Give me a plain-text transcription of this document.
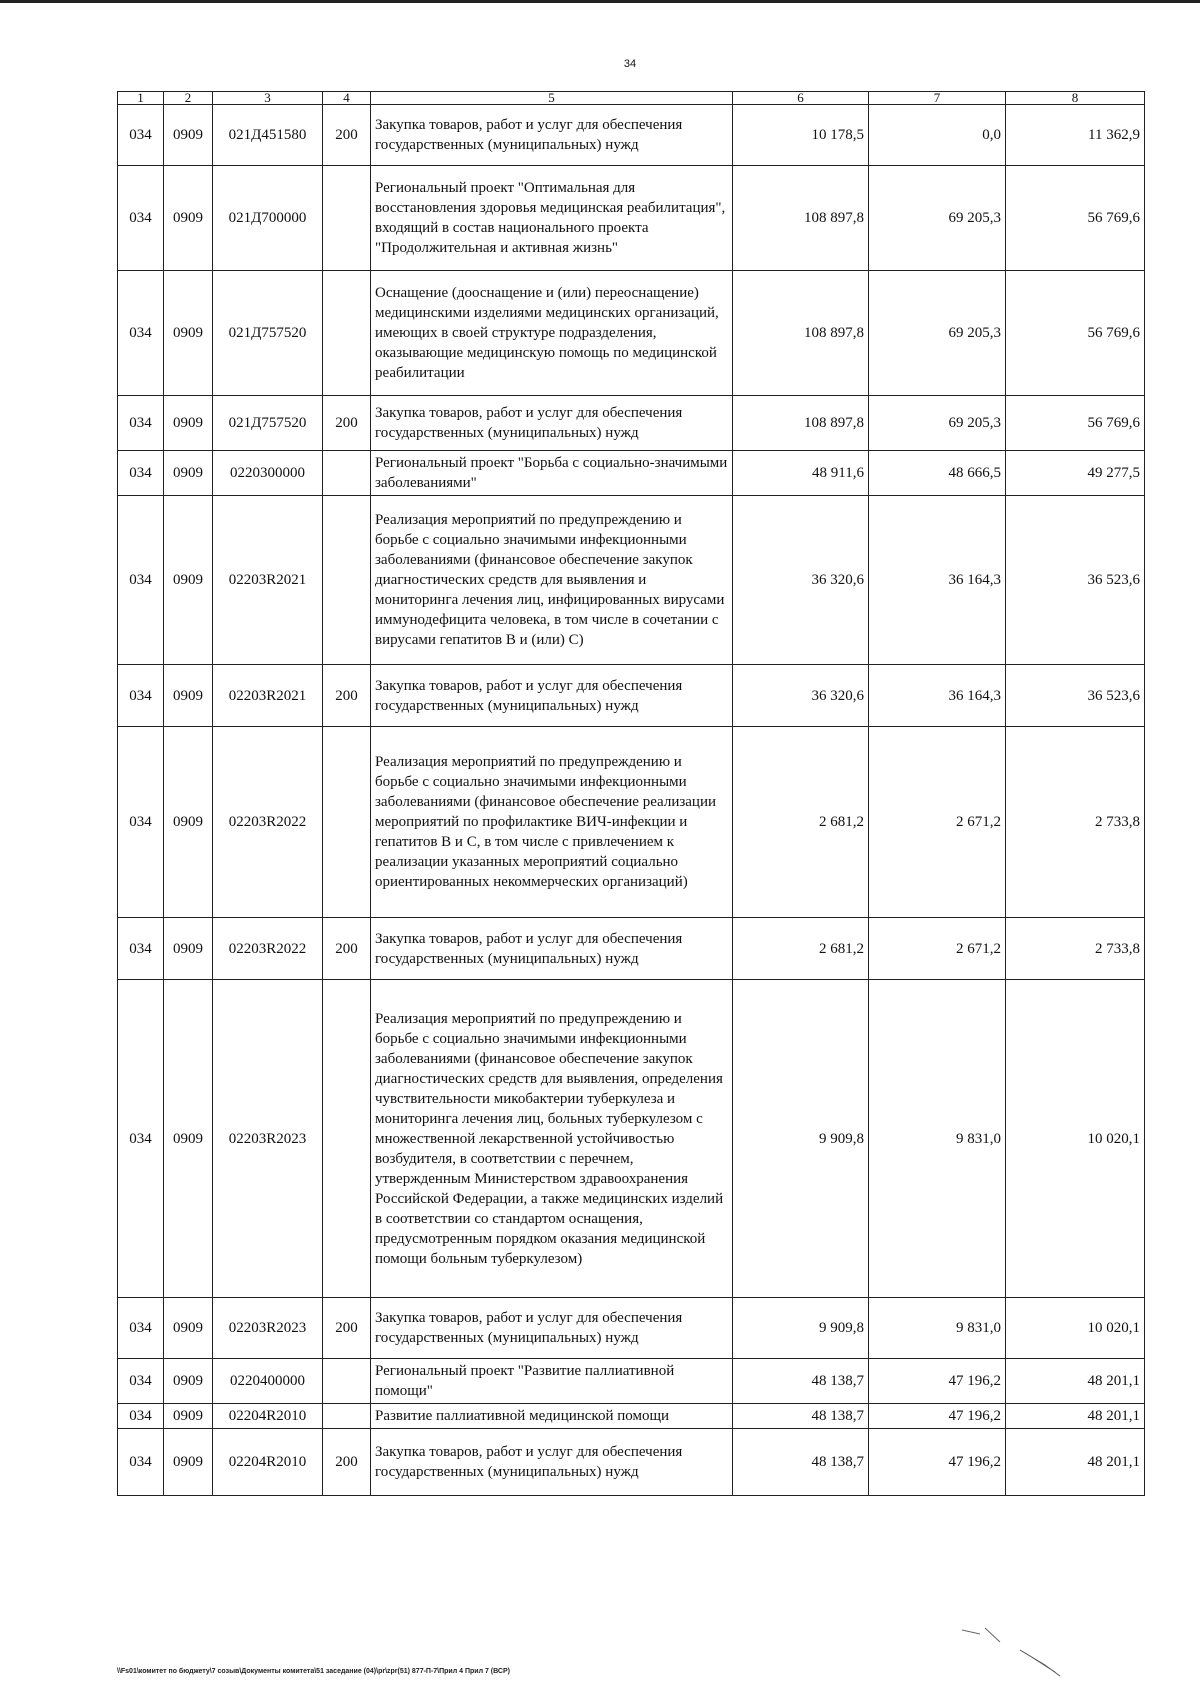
34
1	2	3	4	5	6	7	8
034	0909	021Д451580	200	Закупка товаров, работ и услуг для обеспечения государственных (муниципальных) нужд	10 178,5	0,0	11 362,9
034	0909	021Д700000		Региональный проект "Оптимальная для восстановления здоровья медицинская реабилитация", входящий в состав национального проекта "Продолжительная и активная жизнь"	108 897,8	69 205,3	56 769,6
034	0909	021Д757520		Оснащение (дооснащение и (или) переоснащение) медицинскими изделиями медицинских организаций, имеющих в своей структуре подразделения, оказывающие медицинскую помощь по медицинской реабилитации	108 897,8	69 205,3	56 769,6
034	0909	021Д757520	200	Закупка товаров, работ и услуг для обеспечения государственных (муниципальных) нужд	108 897,8	69 205,3	56 769,6
034	0909	0220300000		Региональный проект "Борьба с социально-значимыми заболеваниями"	48 911,6	48 666,5	49 277,5
034	0909	02203R2021		Реализация мероприятий по предупреждению и борьбе с социально значимыми инфекционными заболеваниями (финансовое обеспечение закупок диагностических средств для выявления и мониторинга лечения лиц, инфицированных вирусами иммунодефицита человека, в том числе в сочетании с вирусами гепатитов B и (или) C)	36 320,6	36 164,3	36 523,6
034	0909	02203R2021	200	Закупка товаров, работ и услуг для обеспечения государственных (муниципальных) нужд	36 320,6	36 164,3	36 523,6
034	0909	02203R2022		Реализация мероприятий по предупреждению и борьбе с социально значимыми инфекционными заболеваниями (финансовое обеспечение реализации мероприятий по профилактике ВИЧ-инфекции и гепатитов B и C, в том числе с привлечением к реализации указанных мероприятий социально ориентированных некоммерческих организаций)	2 681,2	2 671,2	2 733,8
034	0909	02203R2022	200	Закупка товаров, работ и услуг для обеспечения государственных (муниципальных) нужд	2 681,2	2 671,2	2 733,8
034	0909	02203R2023		Реализация мероприятий по предупреждению и борьбе с социально значимыми инфекционными заболеваниями (финансовое обеспечение закупок диагностических средств для выявления, определения чувствительности микобактерии туберкулеза и мониторинга лечения лиц, больных туберкулезом с множественной лекарственной устойчивостью возбудителя, в соответствии с перечнем, утвержденным Министерством здравоохранения Российской Федерации, а также медицинских изделий в соответствии со стандартом оснащения, предусмотренным порядком оказания медицинской помощи больным туберкулезом)	9 909,8	9 831,0	10 020,1
034	0909	02203R2023	200	Закупка товаров, работ и услуг для обеспечения государственных (муниципальных) нужд	9 909,8	9 831,0	10 020,1
034	0909	0220400000		Региональный проект "Развитие паллиативной помощи"	48 138,7	47 196,2	48 201,1
034	0909	02204R2010		Развитие паллиативной медицинской помощи	48 138,7	47 196,2	48 201,1
034	0909	02204R2010	200	Закупка товаров, работ и услуг для обеспечения государственных (муниципальных) нужд	48 138,7	47 196,2	48 201,1
\\Fs01\комитет по бюджету\7 созыв\Документы комитета\51 заседание (04)\pr\zpr(51) 877-П-7\Прил 4 Прил 7 (ВСР)
